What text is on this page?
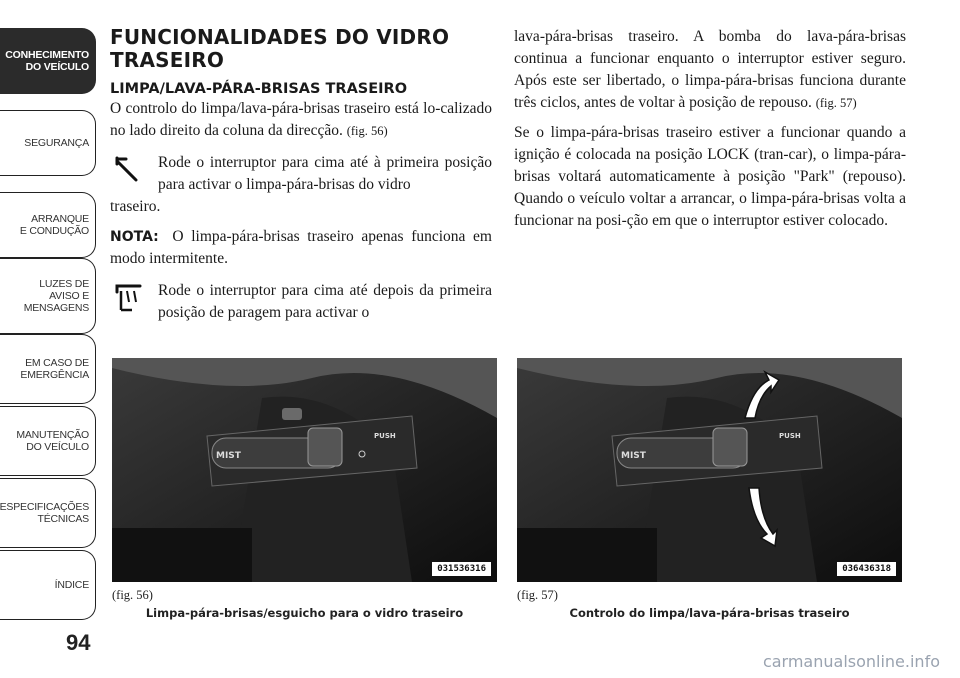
CONHECIMENTO
DO VEÍCULO
SEGURANÇA
ARRANQUE
E CONDUÇÃO
LUZES DE
AVISO E
MENSAGENS
EM CASO DE
EMERGÊNCIA
MANUTENÇÃO
DO VEÍCULO
ESPECIFICAÇÕES
TÉCNICAS
ÍNDICE
94
FUNCIONALIDADES DO VIDRO TRASEIRO
LIMPA/LAVA-PÁRA-BRISAS TRASEIRO

O controlo do limpa/lava-pára-brisas traseiro está lo-calizado no lado direito da coluna da direcção. (fig. 56)

Rode o interruptor para cima até à primeira posição para activar o limpa-pára-brisas do vidro
traseiro.

NOTA: O limpa-pára-brisas traseiro apenas funciona em modo intermitente.

Rode o interruptor para cima até depois da primeira posição de paragem para activar o

lava-pára-brisas traseiro. A bomba do lava-pára-brisas continua a funcionar enquanto o interruptor estiver seguro. Após este ser libertado, o limpa-pára-brisas funciona durante três ciclos, antes de voltar à posição de repouso. (fig. 57)

Se o limpa-pára-brisas traseiro estiver a funcionar quando a ignição é colocada na posição LOCK (tran-car), o limpa-pára-brisas voltará automaticamente à posição "Park" (repouso). Quando o veículo voltar a arrancar, o limpa-pára-brisas volta a funcionar na posi-ção em que o interruptor estiver colocado.

MIST
PUSH
031536316
(fig. 56)
Limpa-pára-brisas/esguicho para o vidro traseiro
MIST
PUSH
036436318
(fig. 57)
Controlo do limpa/lava-pára-brisas traseiro
carmanualsonline.info
